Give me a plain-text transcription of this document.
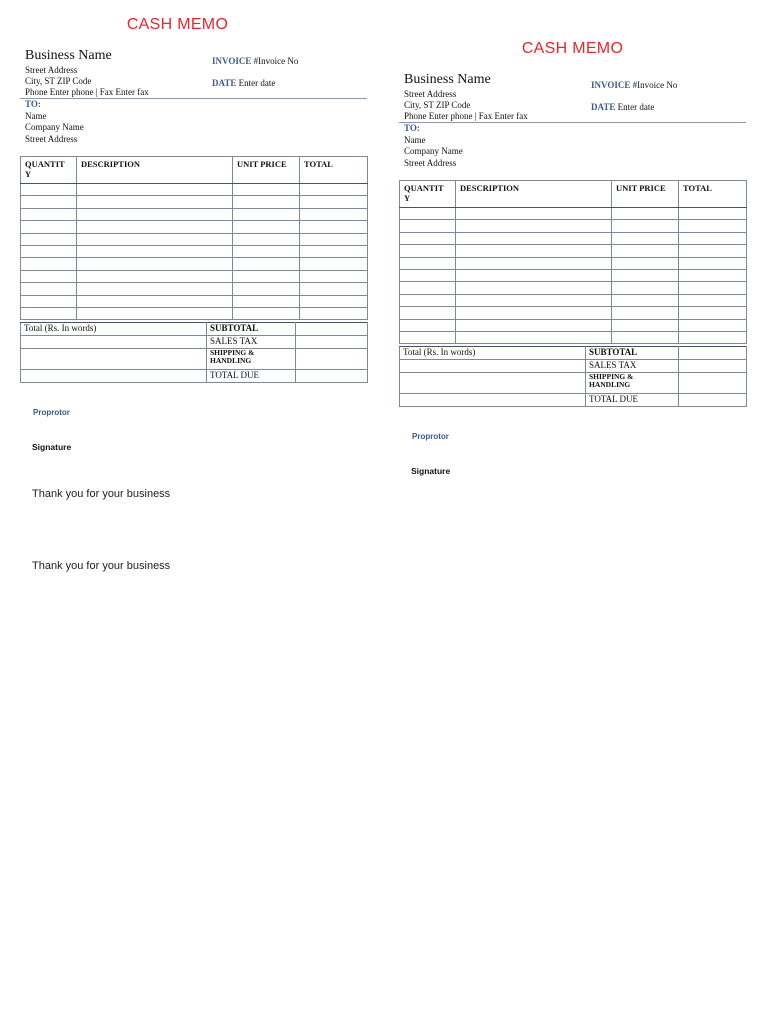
CASH MEMO
Business Name
Street Address
City, ST ZIP Code
Phone Enter phone | Fax Enter fax
INVOICE #Invoice No
DATE Enter date
TO:
Name
Company Name
Street Address
QUANTIT Y	DESCRIPTION	UNIT PRICE	TOTAL

Total (Rs. In words)	SUBTOTAL	
	SALES TAX	
	SHIPPING & HANDLING	
	TOTAL DUE	
Proprotor
Signature
CASH MEMO
Business Name
Street Address
City, ST ZIP Code
Phone Enter phone | Fax Enter fax
INVOICE #Invoice No
DATE Enter date
TO:
Name
Company Name
Street Address
QUANTIT Y	DESCRIPTION	UNIT PRICE	TOTAL

Total (Rs. In words)	SUBTOTAL	
	SALES TAX	
	SHIPPING & HANDLING	
	TOTAL DUE	
Proprotor
Signature
Thank you for your business
Thank you for your business
